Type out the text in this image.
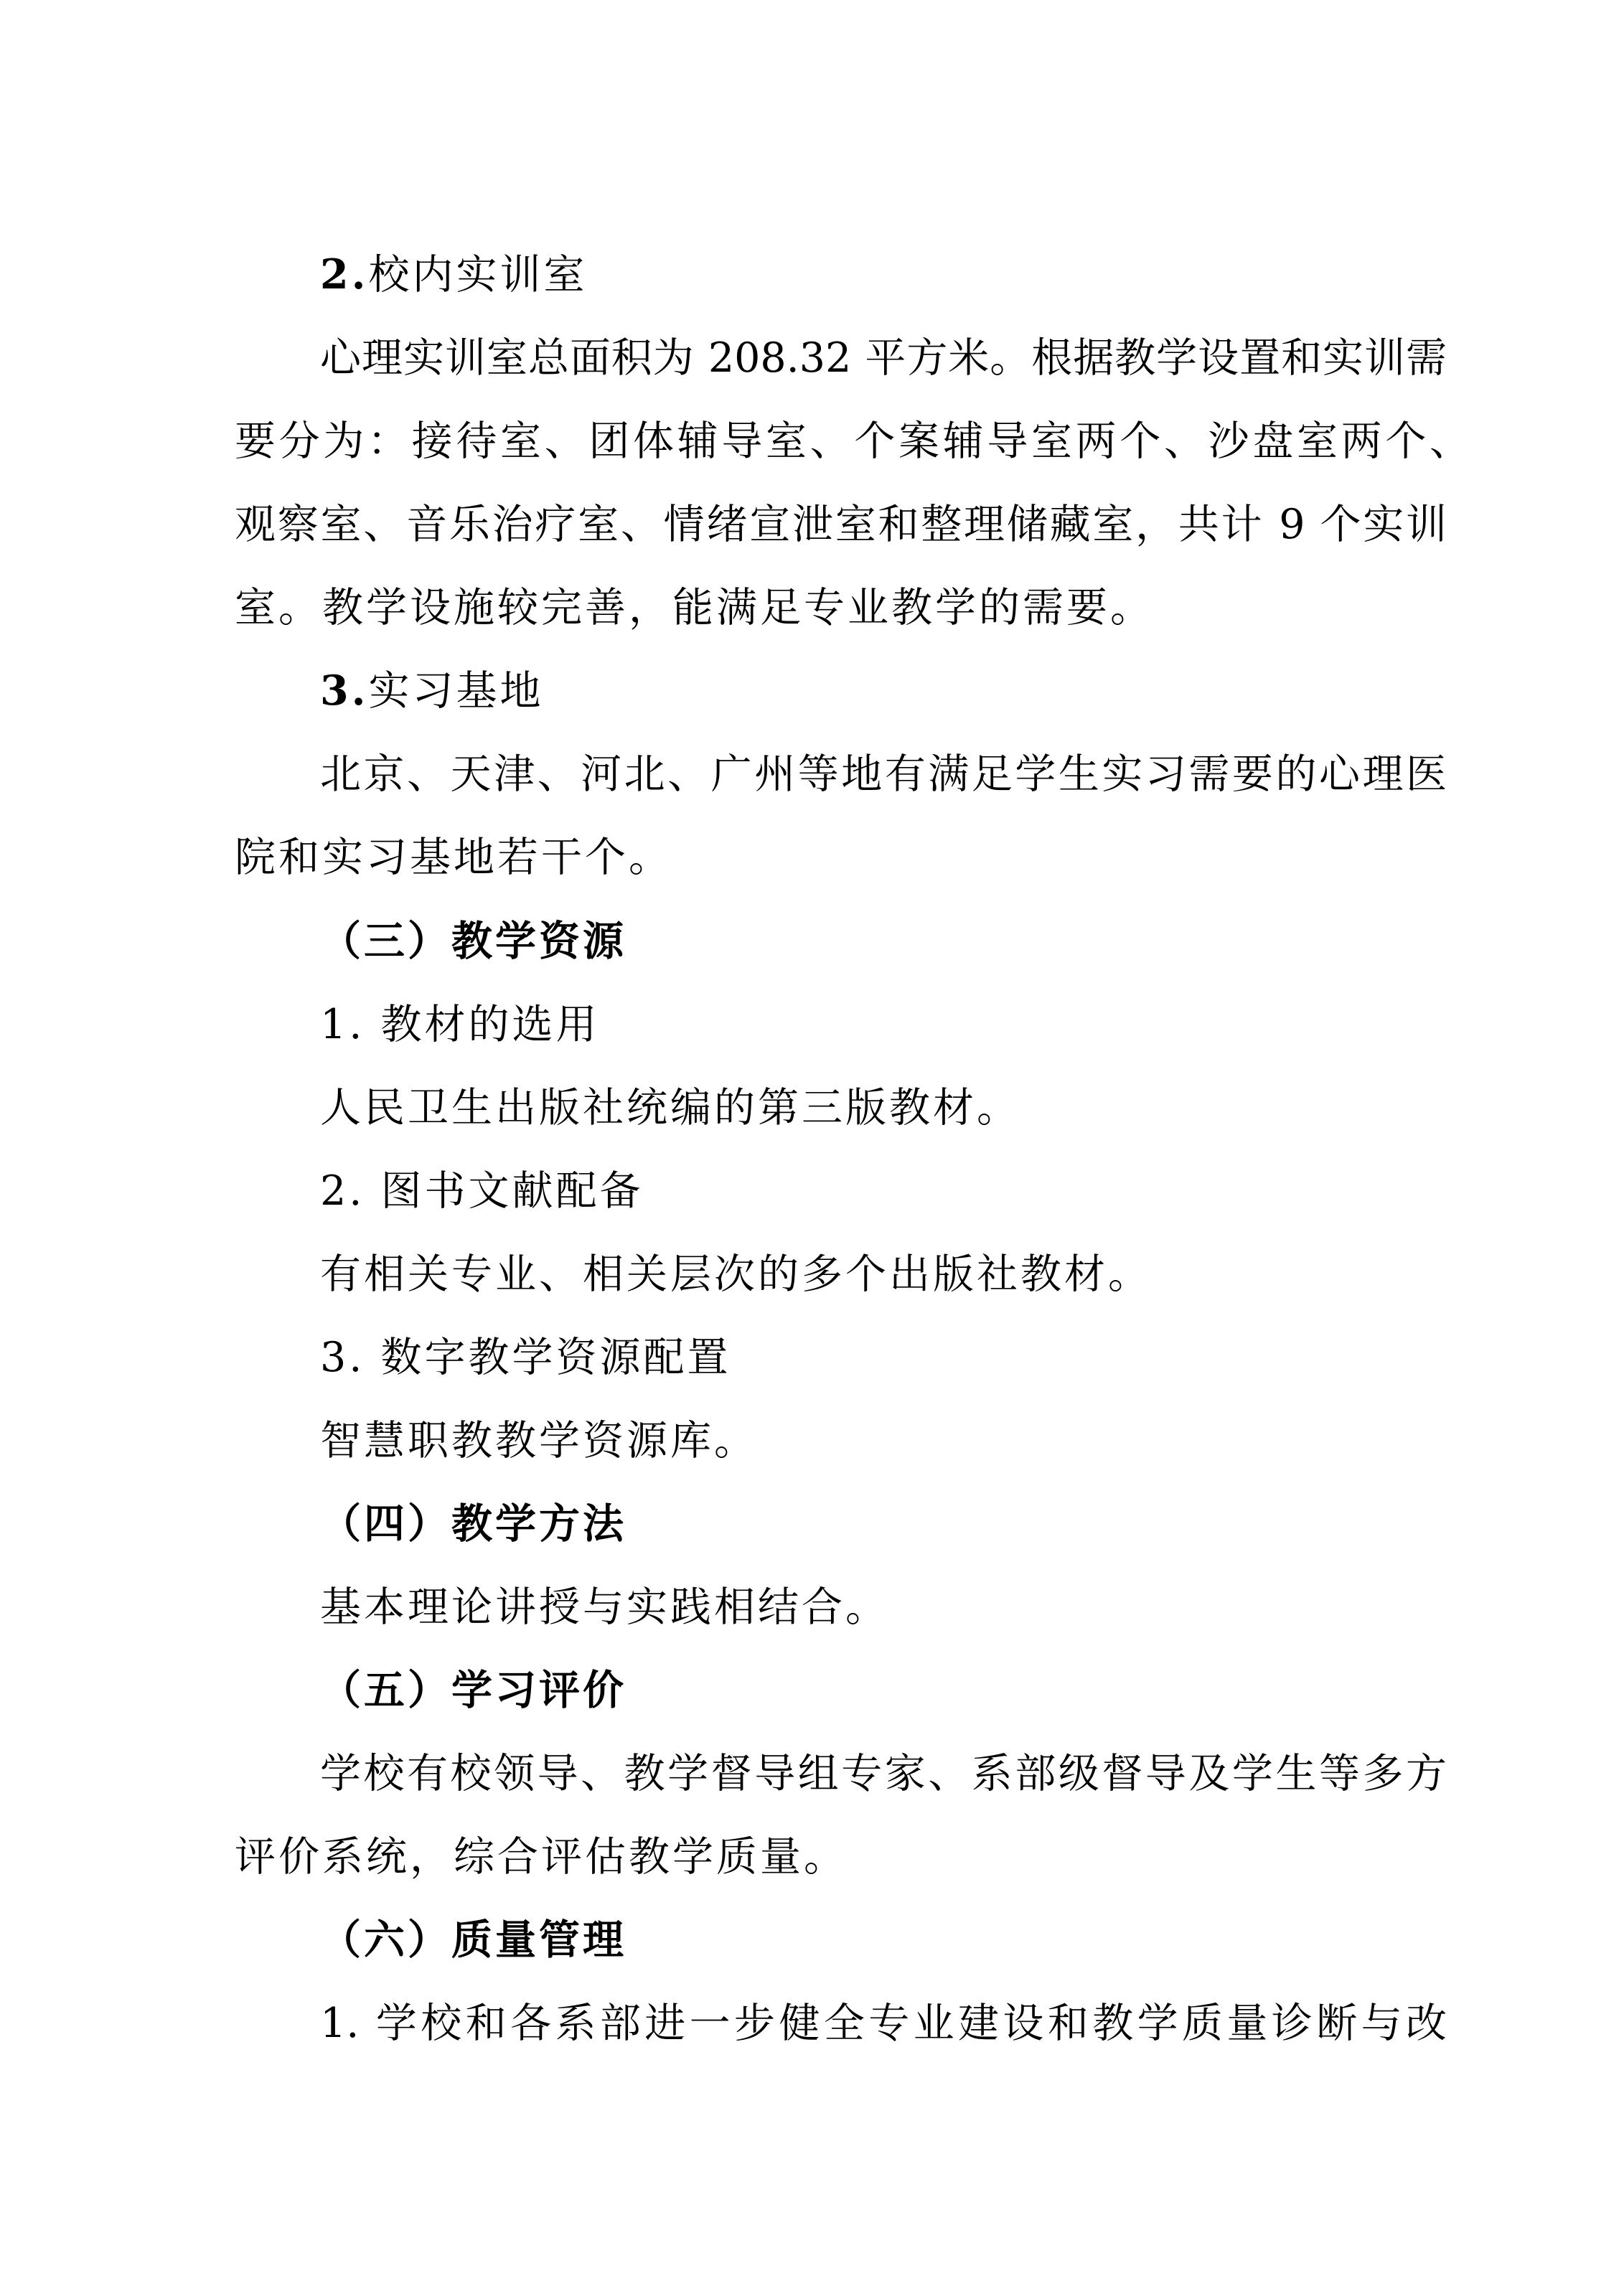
2.校内实训室
心理实训室总面积为 208.32 平方米。根据教学设置和实训需
要分为：接待室、团体辅导室、个案辅导室两个、沙盘室两个、
观察室、音乐治疗室、情绪宣泄室和整理储藏室，共计 9 个实训
室。教学设施较完善，能满足专业教学的需要。
3.实习基地
北京、天津、河北、广州等地有满足学生实习需要的心理医
院和实习基地若干个。
（三）教学资源
1. 教材的选用
人民卫生出版社统编的第三版教材。
2. 图书文献配备
有相关专业、相关层次的多个出版社教材。
3. 数字教学资源配置
智慧职教教学资源库。
（四）教学方法
基本理论讲授与实践相结合。
（五）学习评价
学校有校领导、教学督导组专家、系部级督导及学生等多方
评价系统，综合评估教学质量。
（六）质量管理
1. 学校和各系部进一步健全专业建设和教学质量诊断与改
